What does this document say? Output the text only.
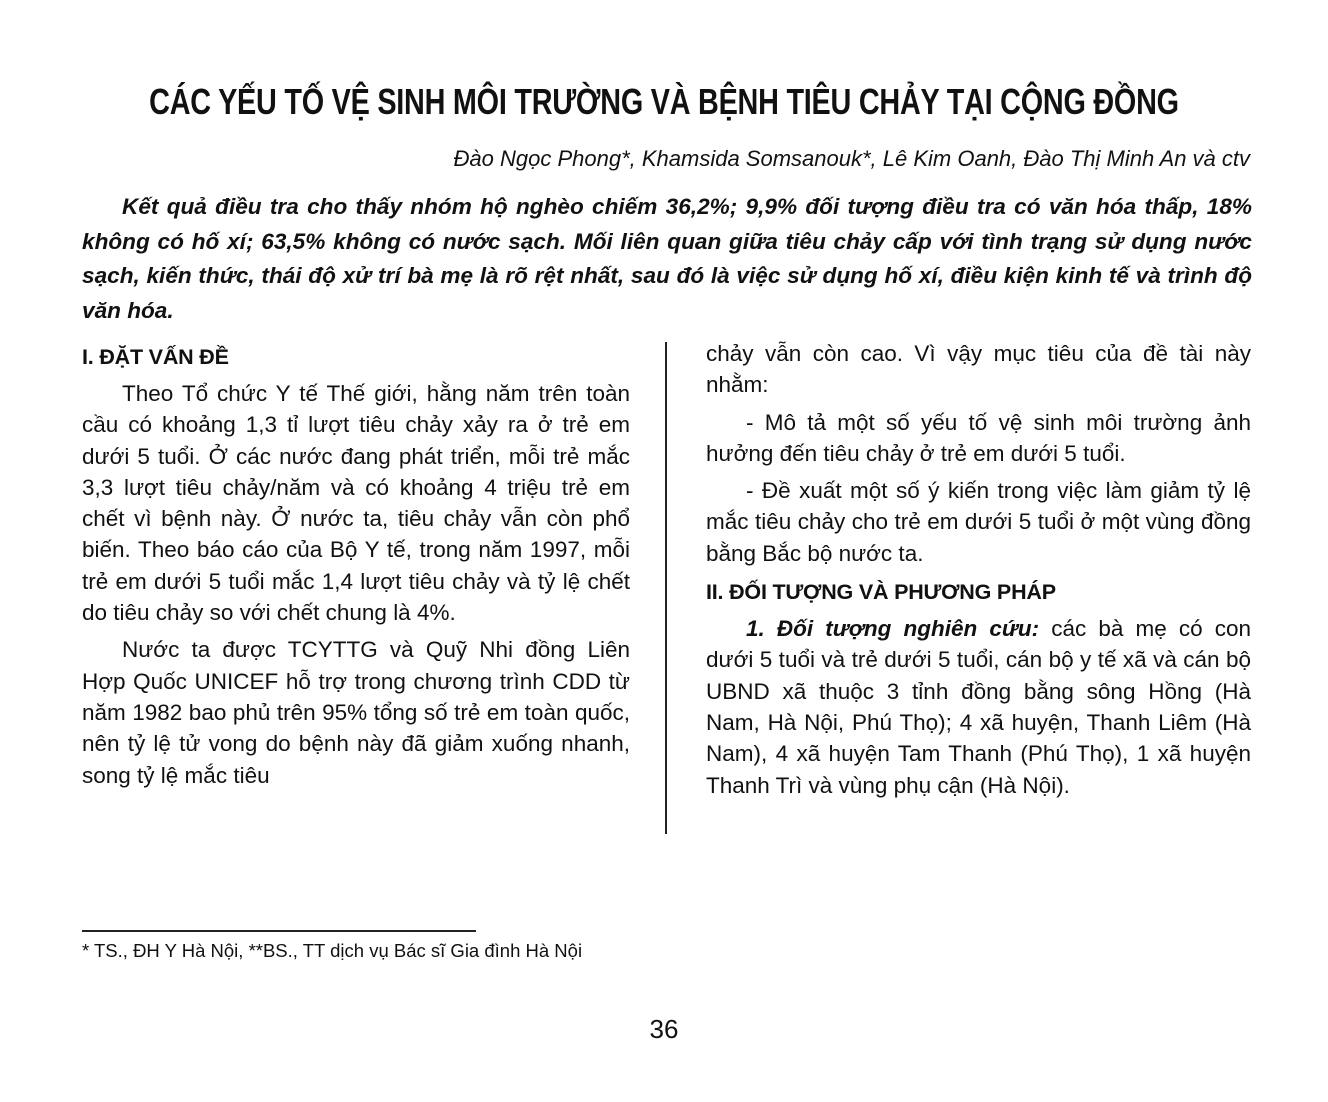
CÁC YẾU TỐ VỆ SINH MÔI TRƯỜNG VÀ BỆNH TIÊU CHẢY TẠI CỘNG ĐỒNG
Đào Ngọc Phong*, Khamsida Somsanouk*, Lê Kim Oanh, Đào Thị Minh An và ctv

Kết quả điều tra cho thấy nhóm hộ nghèo chiếm 36,2%; 9,9% đối tượng điều tra có văn hóa thấp, 18% không có hố xí; 63,5% không có nước sạch. Mối liên quan giữa tiêu chảy cấp với tình trạng sử dụng nước sạch, kiến thức, thái độ xử trí bà mẹ là rõ rệt nhất, sau đó là việc sử dụng hố xí, điều kiện kinh tế và trình độ văn hóa.

I. ĐẶT VẤN ĐỀ

Theo Tổ chức Y tế Thế giới, hằng năm trên toàn cầu có khoảng 1,3 tỉ lượt tiêu chảy xảy ra ở trẻ em dưới 5 tuổi. Ở các nước đang phát triển, mỗi trẻ mắc 3,3 lượt tiêu chảy/năm và có khoảng 4 triệu trẻ em chết vì bệnh này. Ở nước ta, tiêu chảy vẫn còn phổ biến. Theo báo cáo của Bộ Y tế, trong năm 1997, mỗi trẻ em dưới 5 tuổi mắc 1,4 lượt tiêu chảy và tỷ lệ chết do tiêu chảy so với chết chung là 4%.

Nước ta được TCYTTG và Quỹ Nhi đồng Liên Hợp Quốc UNICEF hỗ trợ trong chương trình CDD từ năm 1982 bao phủ trên 95% tổng số trẻ em toàn quốc, nên tỷ lệ tử vong do bệnh này đã giảm xuống nhanh, song tỷ lệ mắc tiêu

chảy vẫn còn cao. Vì vậy mục tiêu của đề tài này nhằm:

- Mô tả một số yếu tố vệ sinh môi trường ảnh hưởng đến tiêu chảy ở trẻ em dưới 5 tuổi.

- Đề xuất một số ý kiến trong việc làm giảm tỷ lệ mắc tiêu chảy cho trẻ em dưới 5 tuổi ở một vùng đồng bằng Bắc bộ nước ta.

II. ĐỐI TƯỢNG VÀ PHƯƠNG PHÁP

1. Đối tượng nghiên cứu: các bà mẹ có con dưới 5 tuổi và trẻ dưới 5 tuổi, cán bộ y tế xã và cán bộ UBND xã thuộc 3 tỉnh đồng bằng sông Hồng (Hà Nam, Hà Nội, Phú Thọ); 4 xã huyện, Thanh Liêm (Hà Nam), 4 xã huyện Tam Thanh (Phú Thọ), 1 xã huyện Thanh Trì và vùng phụ cận (Hà Nội).

* TS., ĐH Y Hà Nội, **BS., TT dịch vụ Bác sĩ Gia đình Hà Nội
36
